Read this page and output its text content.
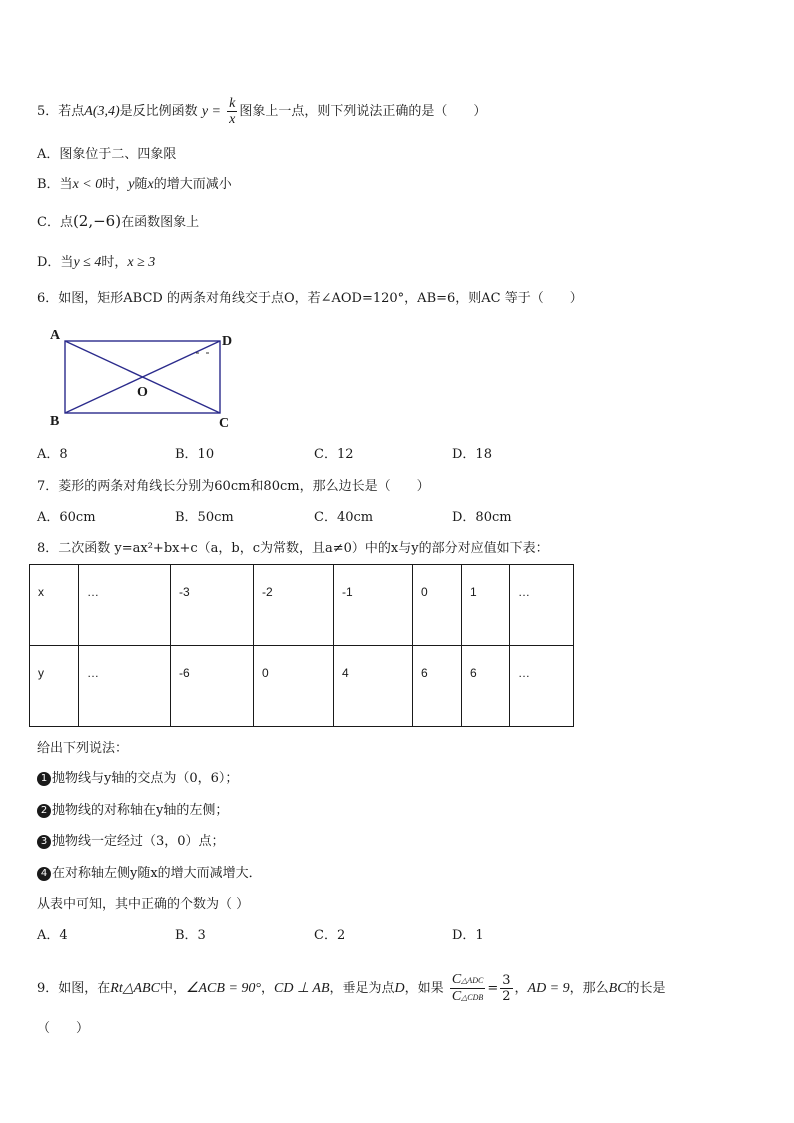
5．若点A(3,4)是反比例函数 $y = \frac{k}{x}$ 图象上一点，则下列说法正确的是（　　）
A．图象位于二、四象限
B．当x < 0时，y随x的增大而减小
C．点(2,−6)在函数图象上
D．当y ≤ 4时，x ≥ 3
6．如图，矩形ABCD 的两条对角线交于点O，若∠AOD=120°，AB=6，则AC 等于（　　）
A	D
B	C
O
A．8	B．10	C．12	D．18
7．菱形的两条对角线长分别为60cm和80cm，那么边长是（　　）
A．60cm	B．50cm	C．40cm	D．80cm
8．二次函数 y=ax²+bx+c（a，b，c为常数，且a≠0）中的x与y的部分对应值如下表：
x	…	-3	-2	-1	0	1	…
y	…	-6	0	4	6	6	…
给出下列说法：
1 抛物线与y轴的交点为（0，6）；
2 抛物线的对称轴在y轴的左侧；
3 抛物线一定经过（3，0）点；
4 在对称轴左侧y随x的增大而减增大．
从表中可知，其中正确的个数为（ ）
A．4	B．3	C．2	D．1
9．如图，在Rt△ABC中，∠ACB = 90°，CD ⊥ AB，垂足为点D，如果 $\frac{\text{C△ADC}}{\text{C△CDB}} = \frac{3}{2}$ ，AD = 9，那么BC的长是
（　　）
